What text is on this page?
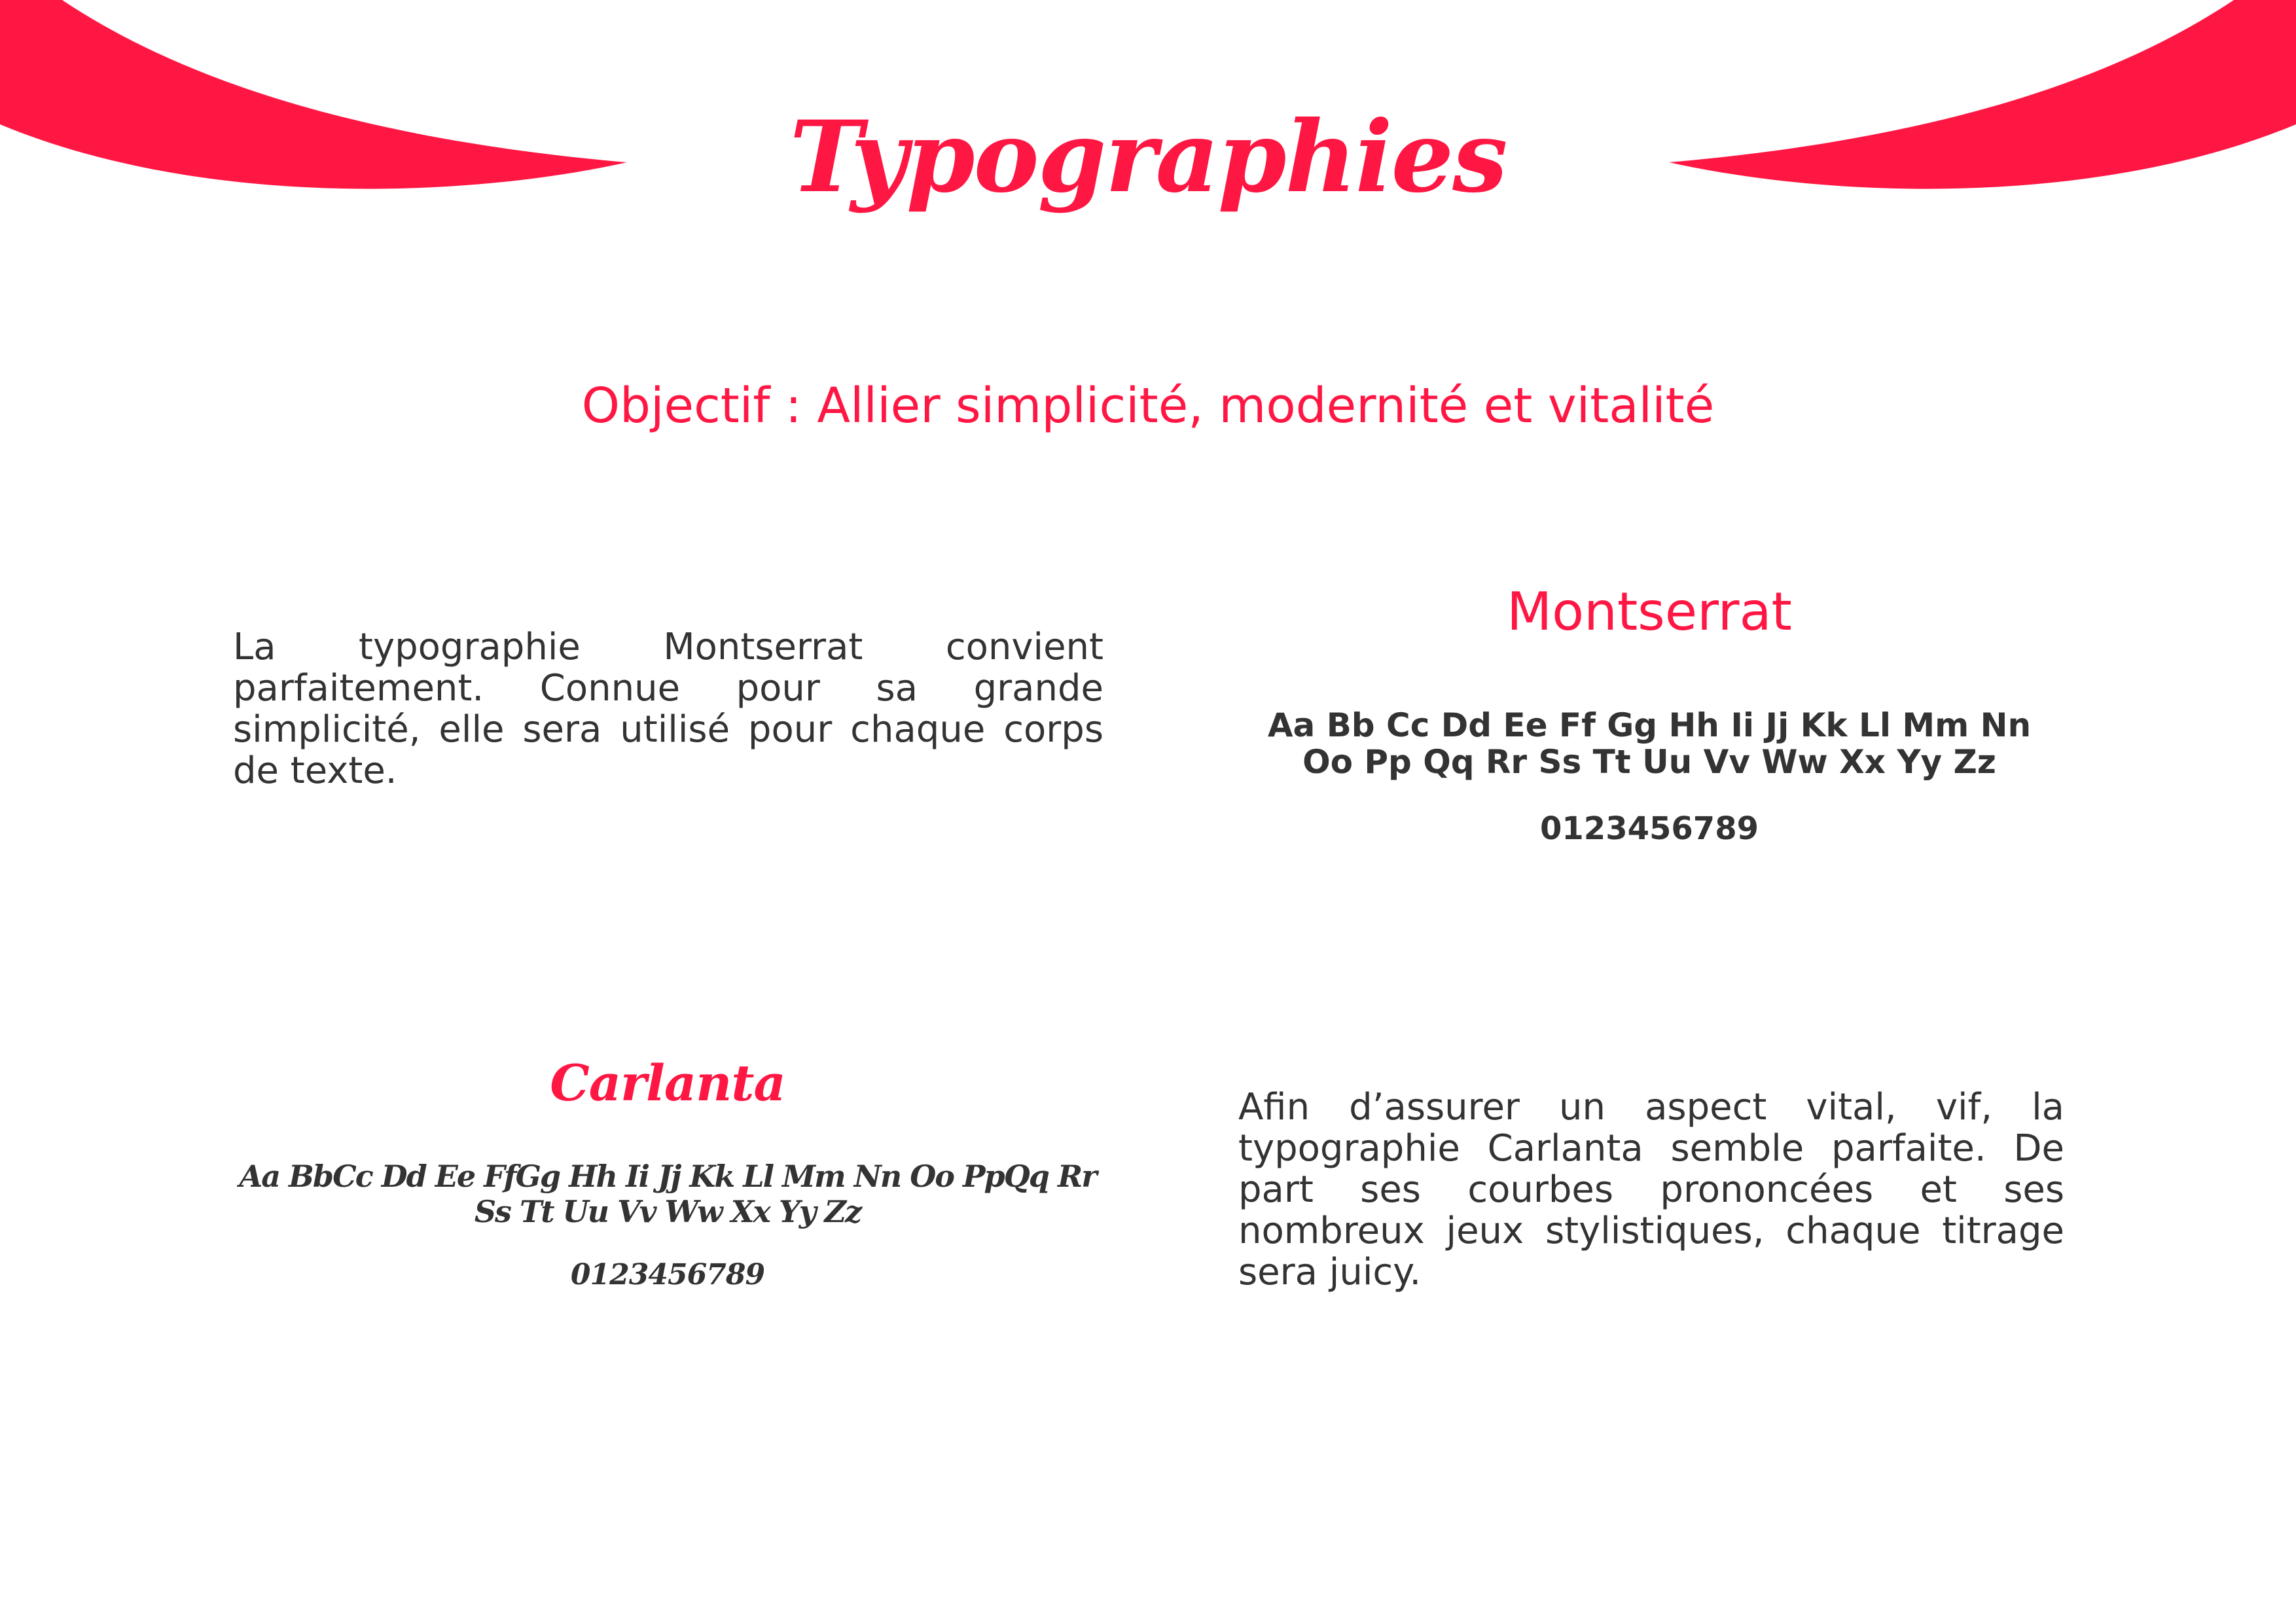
Typographies
Objectif : Allier simplicité, modernité et vitalité

La typographie Montserrat convient parfaitement. Connue pour sa grande simplicité, elle sera utilisé pour chaque corps de texte.

Montserrat
Aa Bb Cc Dd Ee Ff Gg Hh Ii Jj Kk Ll Mm Nn
Oo Pp Qq Rr Ss Tt Uu Vv Ww Xx Yy Zz
0123456789
Carlanta
Aa BbCc Dd Ee FfGg Hh Ii Jj Kk Ll Mm Nn Oo PpQq Rr
Ss Tt Uu Vv Ww Xx Yy Zz
0123456789

Afin d’assurer un aspect vital, vif, la typographie Carlanta semble parfaite. De part ses courbes prononcées et ses nombreux jeux stylistiques, chaque titrage sera juicy.
